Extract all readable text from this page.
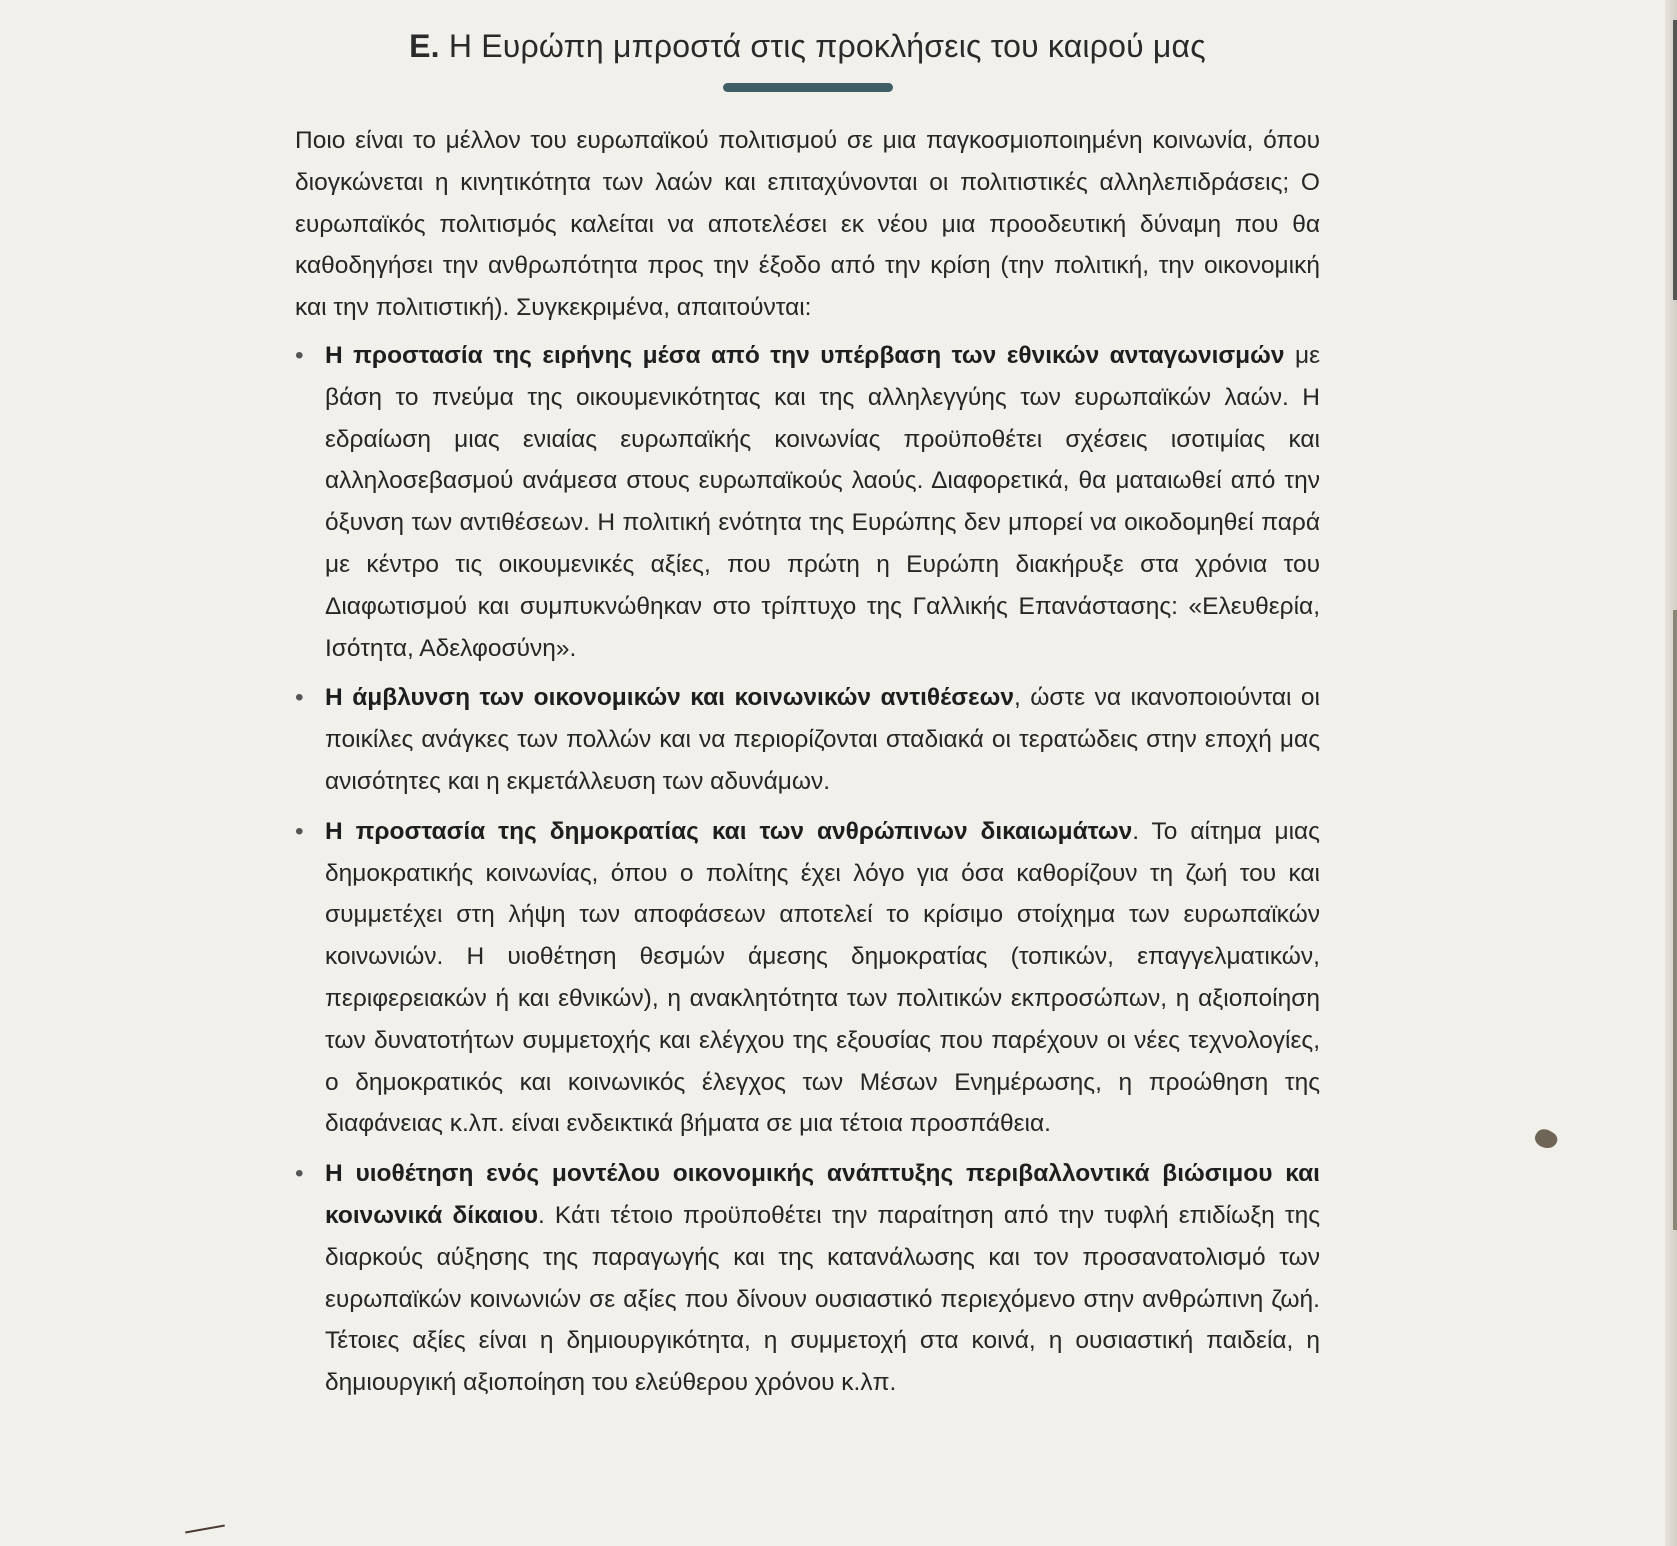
Ε. Η Ευρώπη μπροστά στις προκλήσεις του καιρού μας

Ποιο είναι το μέλλον του ευρωπαϊκού πολιτισμού σε μια παγκοσμιοποιημένη κοινωνία, όπου διογκώνεται η κινητικότητα των λαών και επιταχύνονται οι πολιτιστικές αλληλεπιδράσεις; Ο ευρωπαϊκός πολιτισμός καλείται να αποτελέσει εκ νέου μια προοδευτική δύναμη που θα καθοδηγήσει την ανθρωπότητα προς την έξοδο από την κρίση (την πολιτική, την οικονομική και την πολιτιστική). Συγκεκριμένα, απαιτούνται:

• Η προστασία της ειρήνης μέσα από την υπέρβαση των εθνικών ανταγωνισμών με βάση το πνεύμα της οικουμενικότητας και της αλληλεγγύης των ευρωπαϊκών λαών. Η εδραίωση μιας ενιαίας ευρωπαϊκής κοινωνίας προϋποθέτει σχέσεις ισοτιμίας και αλληλοσεβασμού ανάμεσα στους ευρωπαϊκούς λαούς. Διαφορετικά, θα ματαιωθεί από την όξυνση των αντιθέσεων. Η πολιτική ενότητα της Ευρώπης δεν μπορεί να οικοδομηθεί παρά με κέντρο τις οικουμενικές αξίες, που πρώτη η Ευρώπη διακήρυξε στα χρόνια του Διαφωτισμού και συμπυκνώθηκαν στο τρίπτυχο της Γαλλικής Επανάστασης: «Ελευθερία, Ισότητα, Αδελφοσύνη».
• Η άμβλυνση των οικονομικών και κοινωνικών αντιθέσεων, ώστε να ικανοποιούνται οι ποικίλες ανάγκες των πολλών και να περιορίζονται σταδιακά οι τερατώδεις στην εποχή μας ανισότητες και η εκμετάλλευση των αδυνάμων.
• Η προστασία της δημοκρατίας και των ανθρώπινων δικαιωμάτων. Το αίτημα μιας δημοκρατικής κοινωνίας, όπου ο πολίτης έχει λόγο για όσα καθορίζουν τη ζωή του και συμμετέχει στη λήψη των αποφάσεων αποτελεί το κρίσιμο στοίχημα των ευρωπαϊκών κοινωνιών. Η υιοθέτηση θεσμών άμεσης δημοκρατίας (τοπικών, επαγγελματικών, περιφερειακών ή και εθνικών), η ανακλητότητα των πολιτικών εκπροσώπων, η αξιοποίηση των δυνατοτήτων συμμετοχής και ελέγχου της εξουσίας που παρέχουν οι νέες τεχνολογίες, ο δημοκρατικός και κοινωνικός έλεγχος των Μέσων Ενημέρωσης, η προώθηση της διαφάνειας κ.λπ. είναι ενδεικτικά βήματα σε μια τέτοια προσπάθεια.
• Η υιοθέτηση ενός μοντέλου οικονομικής ανάπτυξης περιβαλλοντικά βιώσιμου και κοινωνικά δίκαιου. Κάτι τέτοιο προϋποθέτει την παραίτηση από την τυφλή επιδίωξη της διαρκούς αύξησης της παραγωγής και της κατανάλωσης και τον προσανατολισμό των ευρωπαϊκών κοινωνιών σε αξίες που δίνουν ουσιαστικό περιεχόμενο στην ανθρώπινη ζωή. Τέτοιες αξίες είναι η δημιουργικότητα, η συμμετοχή στα κοινά, η ουσιαστική παιδεία, η δημιουργική αξιοποίηση του ελεύθερου χρόνου κ.λπ.
